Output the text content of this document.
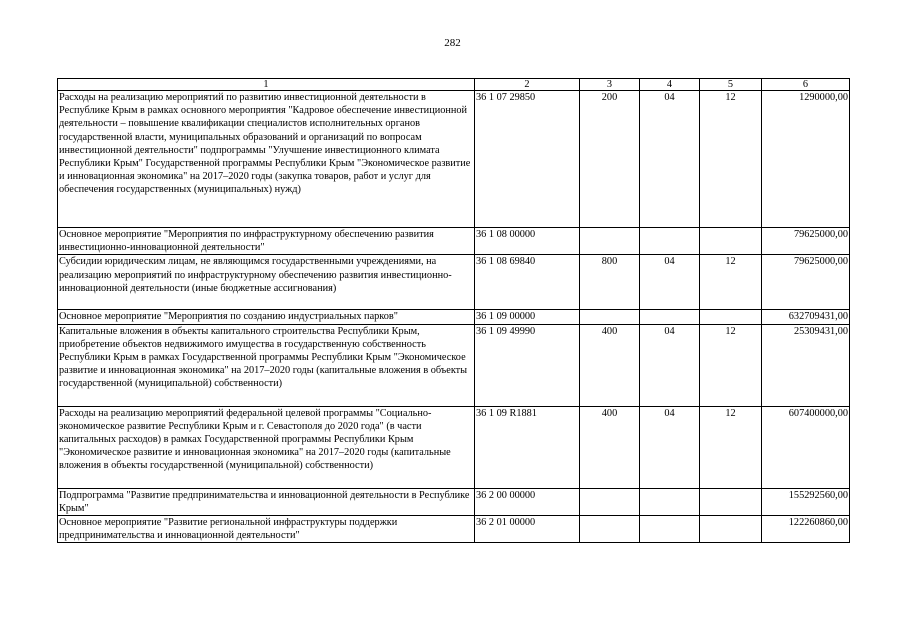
282
1	2	3	4	5	6
Расходы на реализацию мероприятий по развитию инвестиционной деятельности в Республике Крым в рамках основного мероприятия "Кадровое обеспечение инвестиционной деятельности – повышение квалификации специалистов исполнительных органов государственной власти, муниципальных образований и организаций по вопросам инвестиционной деятельности" подпрограммы "Улучшение инвестиционного климата Республики Крым" Государственной программы Республики Крым "Экономическое развитие и инновационная экономика" на 2017–2020 годы (закупка товаров, работ и услуг для обеспечения государственных (муниципальных) нужд)	36 1 07 29850	200	04	12	1290000,00
Основное мероприятие "Мероприятия по инфраструктурному обеспечению развития инвестиционно-инновационной деятельности"	36 1 08 00000				79625000,00
Субсидии юридическим лицам, не являющимся государственными учреждениями, на реализацию мероприятий по инфраструктурному обеспечению развития инвестиционно-инновационной деятельности (иные бюджетные ассигнования)	36 1 08 69840	800	04	12	79625000,00
Основное мероприятие "Мероприятия по созданию индустриальных парков"	36 1 09 00000				632709431,00
Капитальные вложения в объекты капитального строительства Республики Крым, приобретение объектов недвижимого имущества в государственную собственность Республики Крым в рамках Государственной программы Республики Крым "Экономическое развитие и инновационная экономика" на 2017–2020 годы (капитальные вложения в объекты государственной (муниципальной) собственности)	36 1 09 49990	400	04	12	25309431,00
Расходы на реализацию мероприятий федеральной целевой программы "Социально-экономическое развитие Республики Крым и г. Севастополя до 2020 года" (в части капитальных расходов) в рамках Государственной программы Республики Крым "Экономическое развитие и инновационная экономика" на 2017–2020 годы (капитальные вложения в объекты государственной (муниципальной) собственности)	36 1 09 R1881	400	04	12	607400000,00
Подпрограмма "Развитие предпринимательства и инновационной деятельности в Республике Крым"	36 2 00 00000				155292560,00
Основное мероприятие "Развитие региональной инфраструктуры поддержки предпринимательства и инновационной деятельности"	36 2 01 00000				122260860,00
